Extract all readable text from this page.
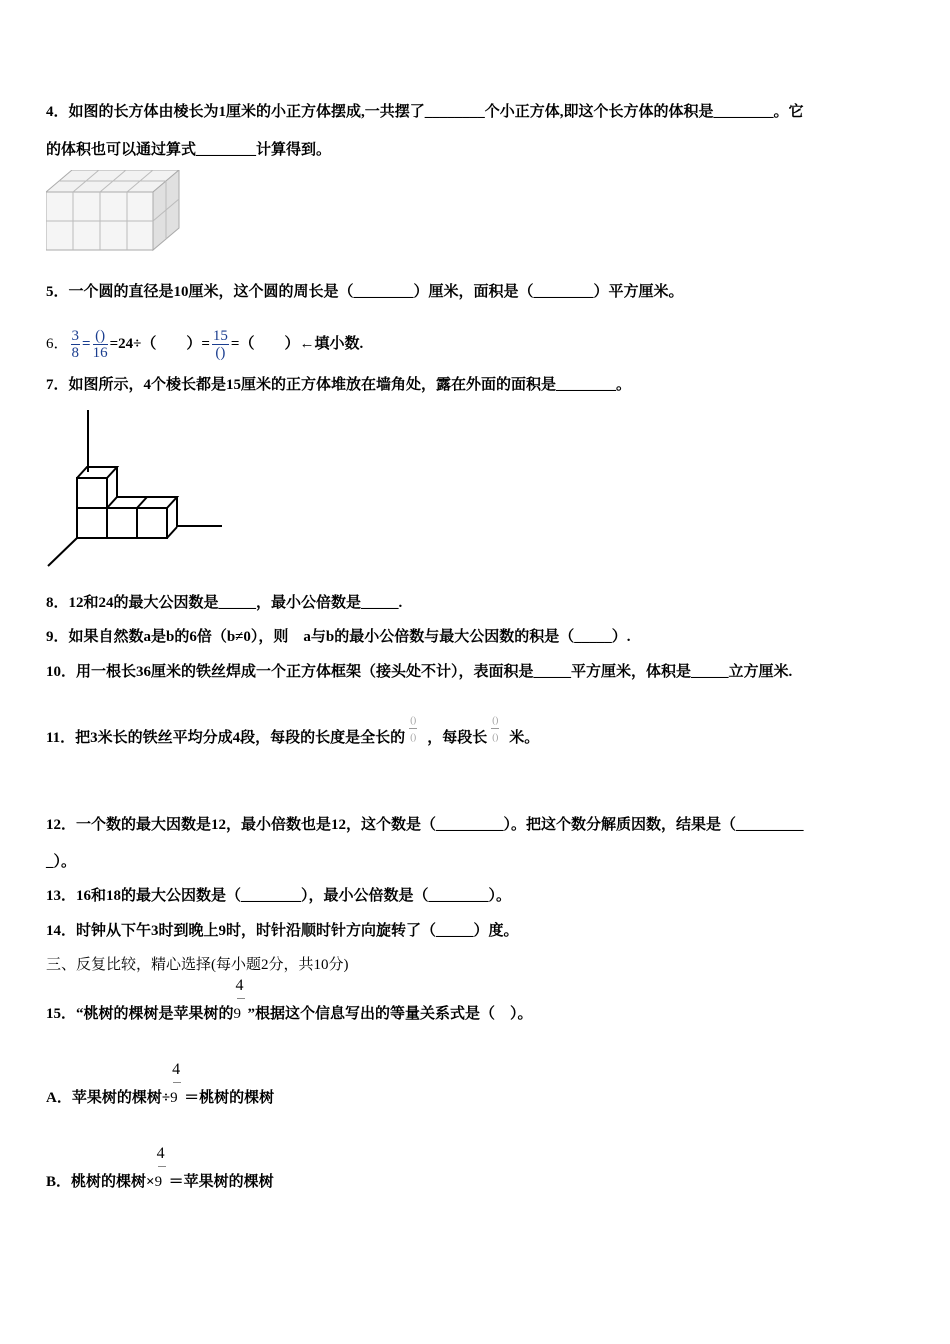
4．如图的长方体由棱长为1厘米的小正方体摆成,一共摆了________个小正方体,即这个长方体的体积是________。它
的体积也可以通过算式________计算得到。
5．一个圆的直径是10厘米，这个圆的周长是（________）厘米，面积是（________）平方厘米。
6． $\frac{3}{8} = \frac{()}{16} =24\div$（　　）= $\frac{15}{()}$ =（　　）←填小数.
7．如图所示，4个棱长都是15厘米的正方体堆放在墙角处，露在外面的面积是________。
8．12和24的最大公因数是_____，最小公倍数是_____.
9．如果自然数a是b的6倍（b≠0），则　a与b的最小公倍数与最大公因数的积是（_____）.
10．用一根长36厘米的铁丝焊成一个正方体框架（接头处不计），表面积是_____平方厘米，体积是_____立方厘米.
11．把3米长的铁丝平均分成4段，每段的长度是全长的
()
() ，每段长
()
() 米。
12．一个数的最大因数是12，最小倍数也是12，这个数是（_________）。把这个数分解质因数，结果是（_________
_）。
13．16和18的最大公因数是（________），最小公倍数是（________）。
14．时钟从下午3时到晚上9时，时针沿顺时针方向旋转了（_____）度。
三、反复比较，精心选择(每小题2分，共10分)
15．“桃树的棵树是苹果树的 $\frac{4}{9}$”根据这个信息写出的等量关系式是（　）。
A．苹果树的棵树÷ $\frac{4}{9}=$桃树的棵树
B．桃树的棵树× $\frac{4}{9}=$苹果树的棵树
